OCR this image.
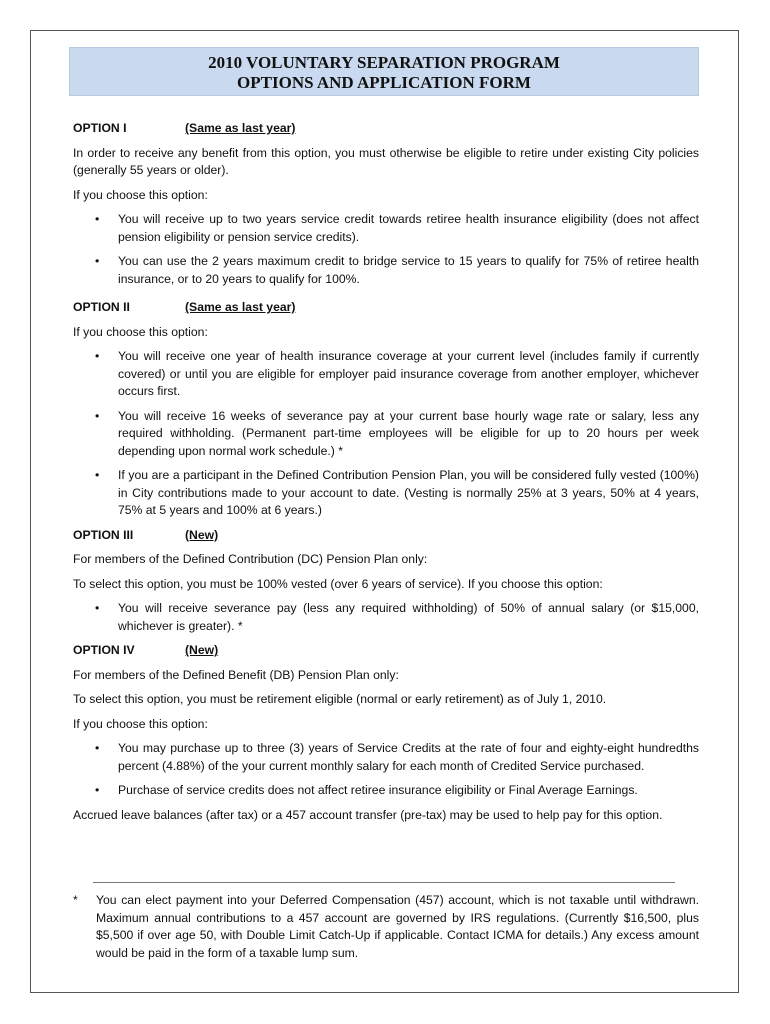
2010 VOLUNTARY SEPARATION PROGRAM
OPTIONS AND APPLICATION FORM
OPTION I	(Same as last year)

In order to receive any benefit from this option, you must otherwise be eligible to retire under existing City policies (generally 55 years or older).

If you choose this option:

• You will receive up to two years service credit towards retiree health insurance eligibility (does not affect pension eligibility or pension service credits).
• You can use the 2 years maximum credit to bridge service to 15 years to qualify for 75% of retiree health insurance, or to 20 years to qualify for 100%.
OPTION II	(Same as last year)

If you choose this option:

• You will receive one year of health insurance coverage at your current level (includes family if currently covered) or until you are eligible for employer paid insurance coverage from another employer, whichever occurs first.
• You will receive 16 weeks of severance pay at your current base hourly wage rate or salary, less any required withholding. (Permanent part-time employees will be eligible for up to 20 hours per week depending upon normal work schedule.) *
• If you are a participant in the Defined Contribution Pension Plan, you will be considered fully vested (100%) in City contributions made to your account to date. (Vesting is normally 25% at 3 years, 50% at 4 years, 75% at 5 years and 100% at 6 years.)
OPTION III	(New)

For members of the Defined Contribution (DC) Pension Plan only:

To select this option, you must be 100% vested (over 6 years of service). If you choose this option:

• You will receive severance pay (less any required withholding) of 50% of annual salary (or $15,000, whichever is greater). *
OPTION IV	(New)

For members of the Defined Benefit (DB) Pension Plan only:

To select this option, you must be retirement eligible (normal or early retirement) as of July 1, 2010.

If you choose this option:

• You may purchase up to three (3) years of Service Credits at the rate of four and eighty-eight hundredths percent (4.88%) of the your current monthly salary for each month of Credited Service purchased.
• Purchase of service credits does not affect retiree insurance eligibility or Final Average Earnings.

Accrued leave balances (after tax) or a 457 account transfer (pre-tax) may be used to help pay for this option.

* You can elect payment into your Deferred Compensation (457) account, which is not taxable until withdrawn. Maximum annual contributions to a 457 account are governed by IRS regulations. (Currently $16,500, plus $5,500 if over age 50, with Double Limit Catch-Up if applicable. Contact ICMA for details.) Any excess amount would be paid in the form of a taxable lump sum.
